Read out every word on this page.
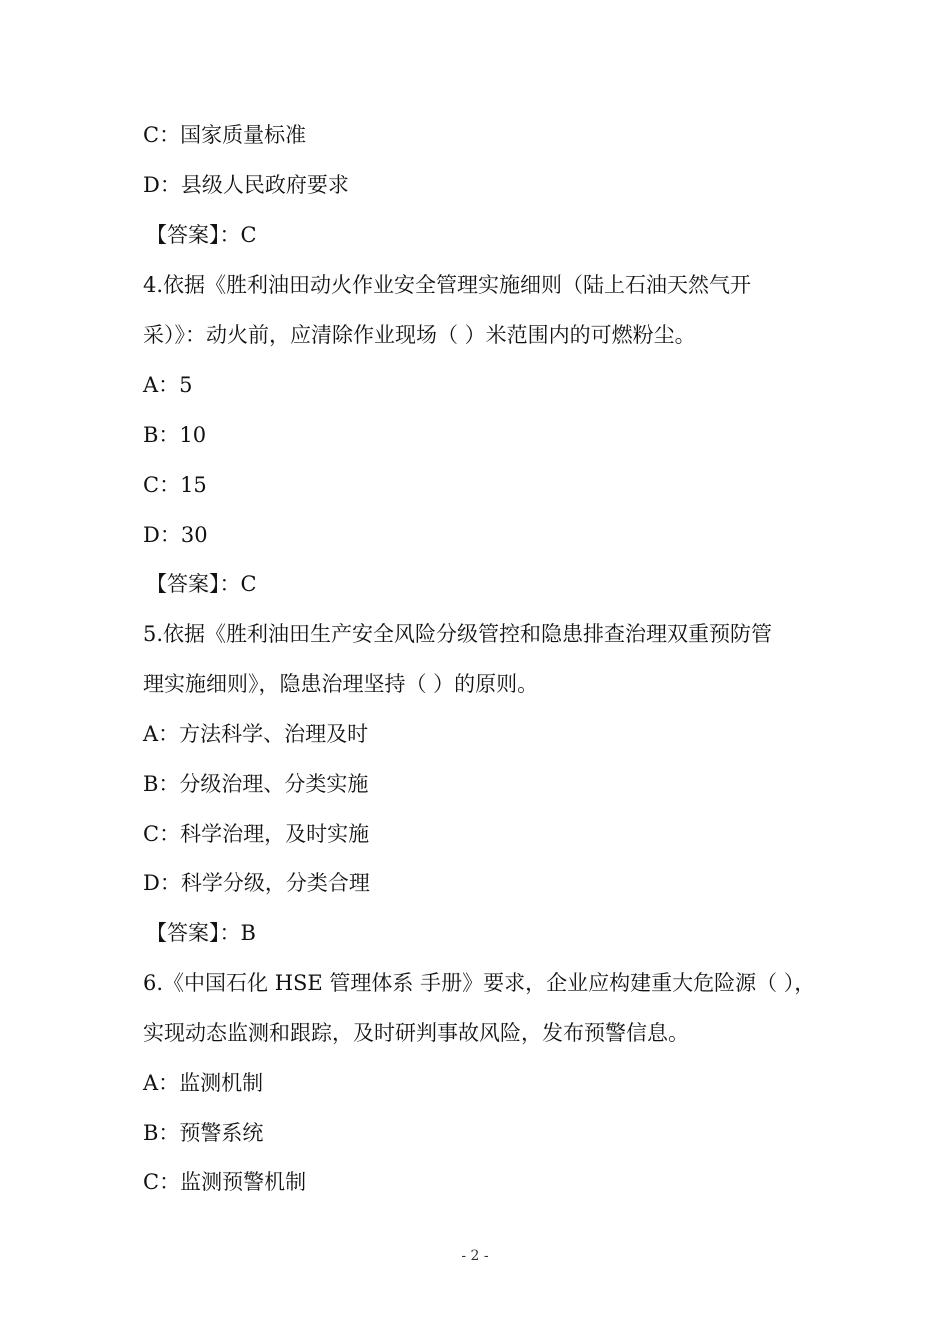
C：国家质量标准
D：县级人民政府要求
【答案】：C
4.依据《胜利油田动火作业安全管理实施细则（陆上石油天然气开
采）》：动火前，应清除作业现场（ ）米范围内的可燃粉尘。
A：5
B：10
C：15
D：30
【答案】：C
5.依据《胜利油田生产安全风险分级管控和隐患排查治理双重预防管
理实施细则》，隐患治理坚持（ ）的原则。
A：方法科学、治理及时
B：分级治理、分类实施
C：科学治理，及时实施
D：科学分级，分类合理
【答案】：B
6.《中国石化 HSE 管理体系 手册》要求，企业应构建重大危险源（ ），
实现动态监测和跟踪，及时研判事故风险，发布预警信息。
A：监测机制
B：预警系统
C：监测预警机制
- 2 -
